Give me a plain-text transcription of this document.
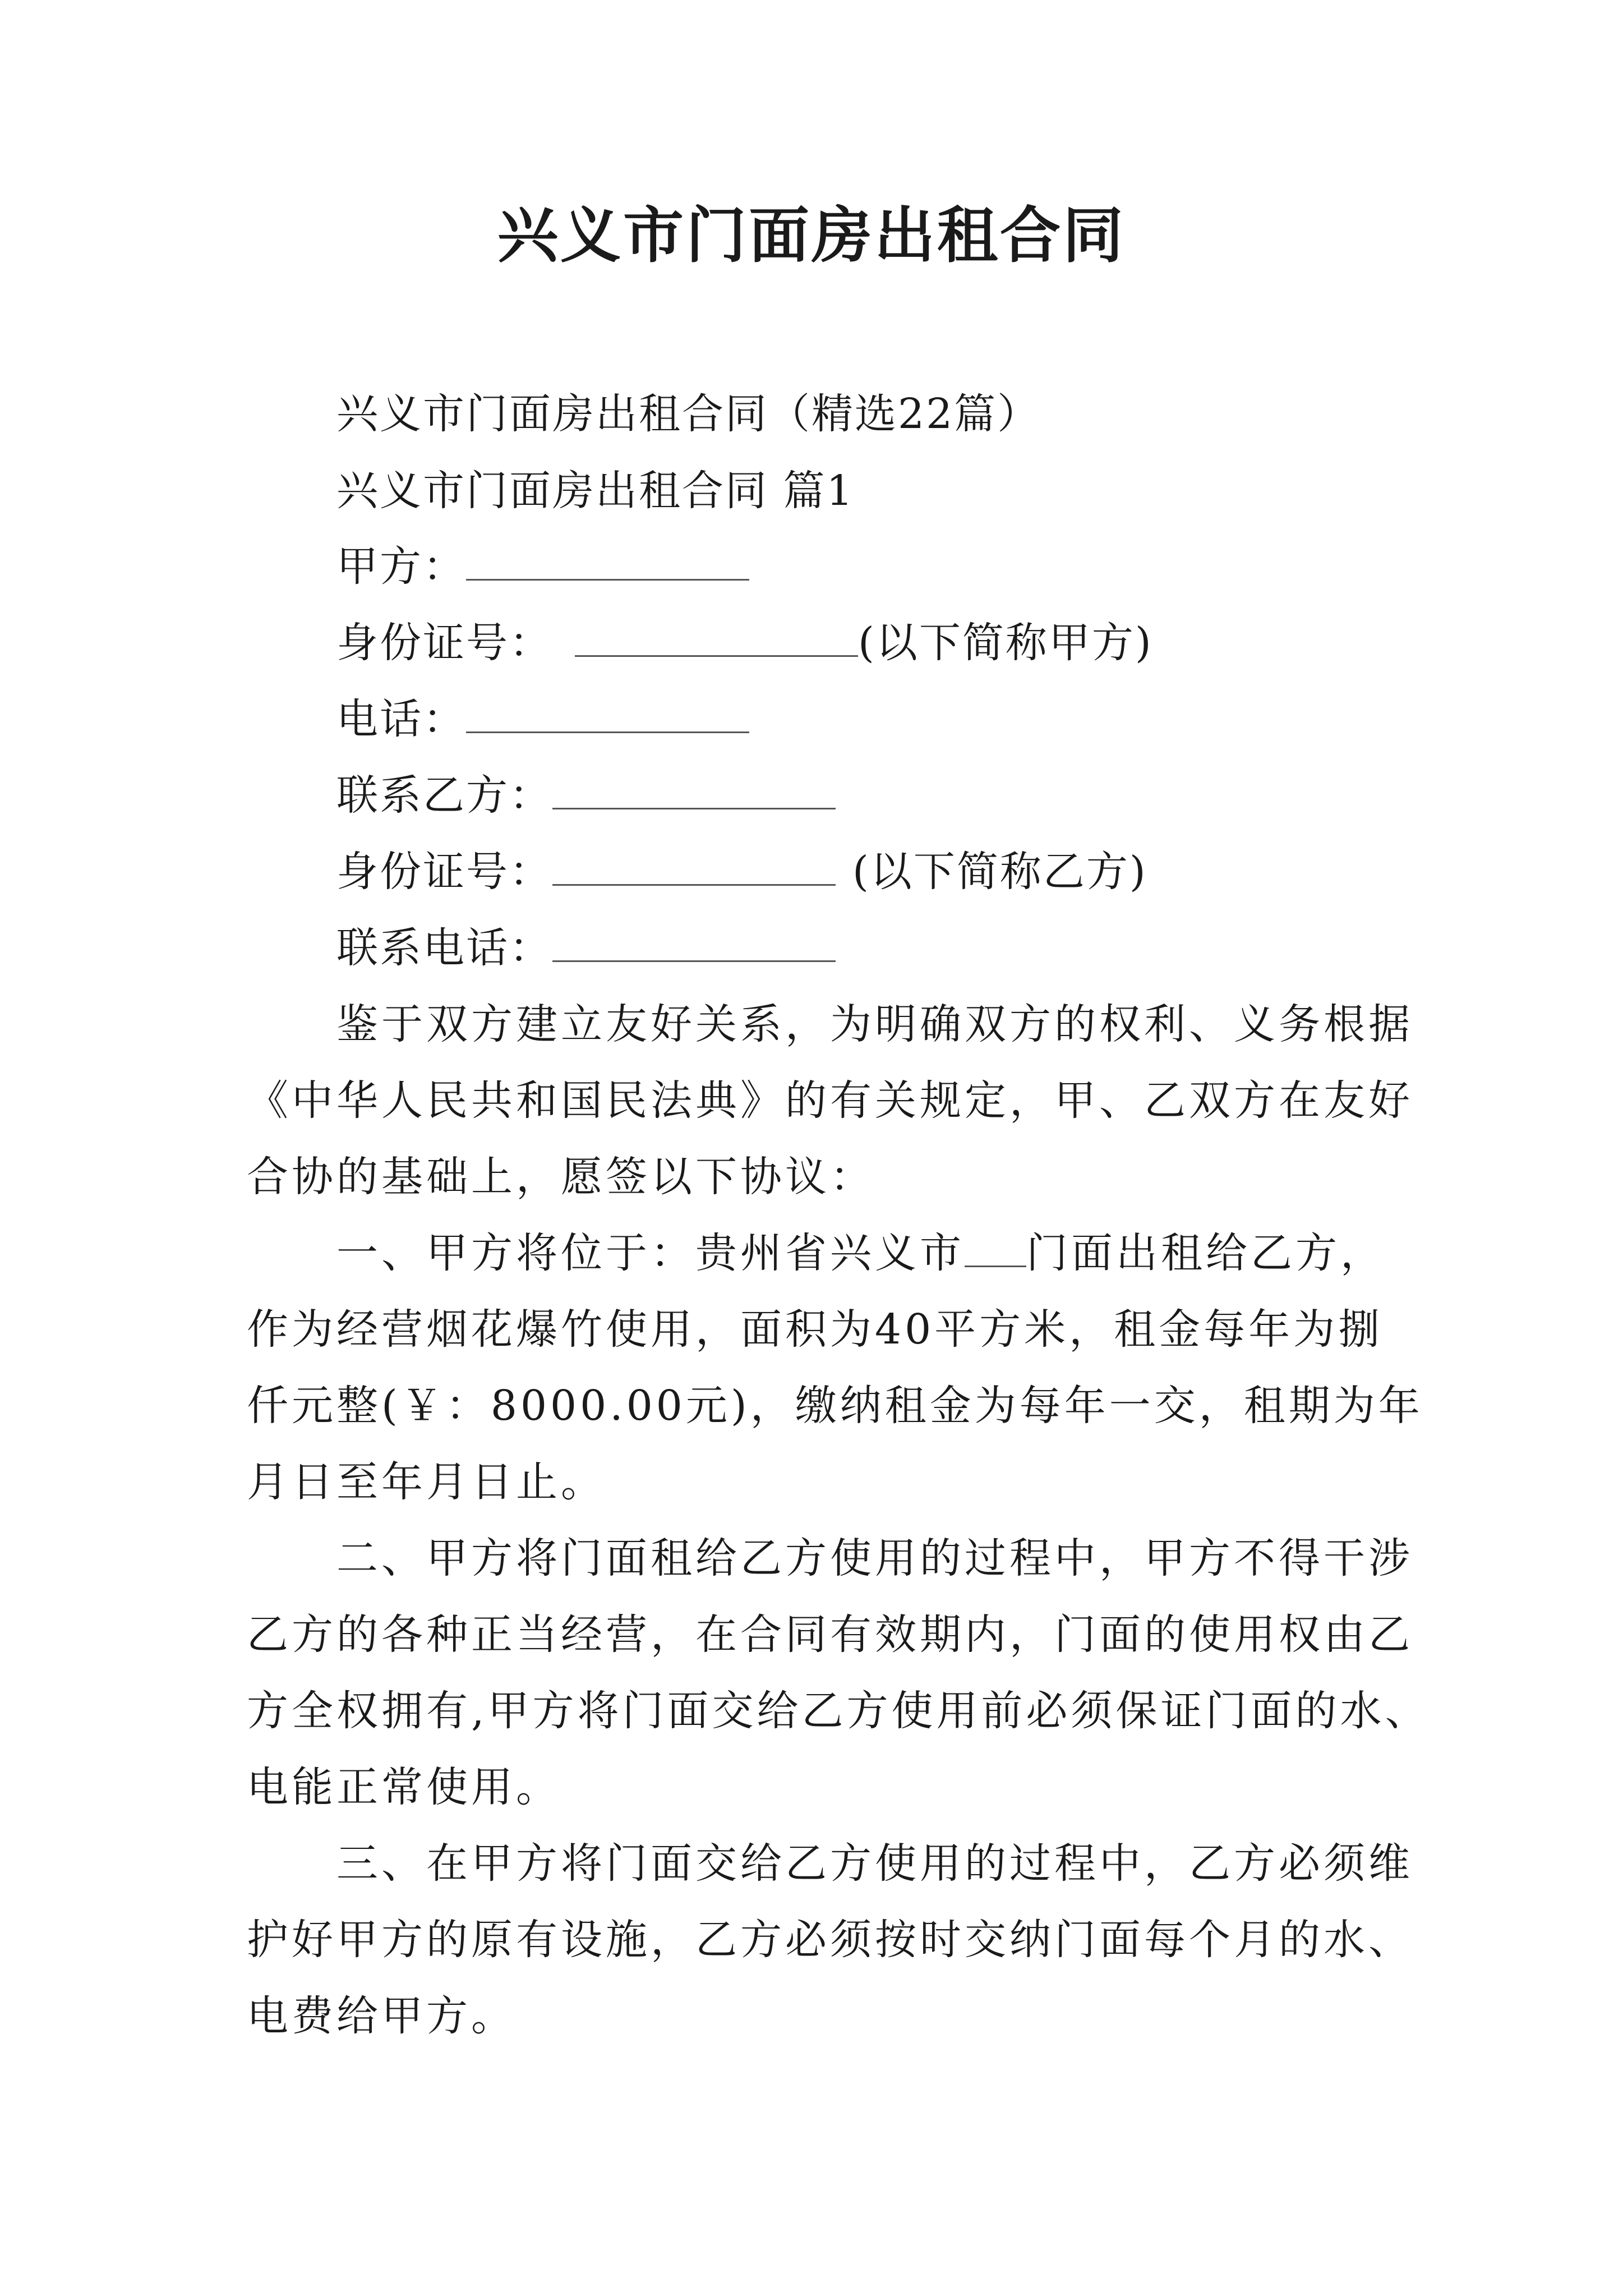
兴义市门面房出租合同
兴义市门面房出租合同（精选22篇）
兴义市门面房出租合同 篇1
甲方：
身份证号：	(以下简称甲方)
电话：
联系乙方：
身份证号：	(以下简称乙方)
联系电话：
鉴于双方建立友好关系，为明确双方的权利、义务根据
《中华人民共和国民法典》的有关规定，甲、乙双方在友好
合协的基础上，愿签以下协议：
一、甲方将位于：贵州省兴义市 门面出租给乙方，
作为经营烟花爆竹使用，面积为40平方米，租金每年为捌
仟元整(￥：8000.00元)，缴纳租金为每年一交，租期为年
月日至年月日止。
二、甲方将门面租给乙方使用的过程中，甲方不得干涉
乙方的各种正当经营，在合同有效期内，门面的使用权由乙
方全权拥有,甲方将门面交给乙方使用前必须保证门面的水、
电能正常使用。
三、在甲方将门面交给乙方使用的过程中，乙方必须维
护好甲方的原有设施，乙方必须按时交纳门面每个月的水、
电费给甲方。
